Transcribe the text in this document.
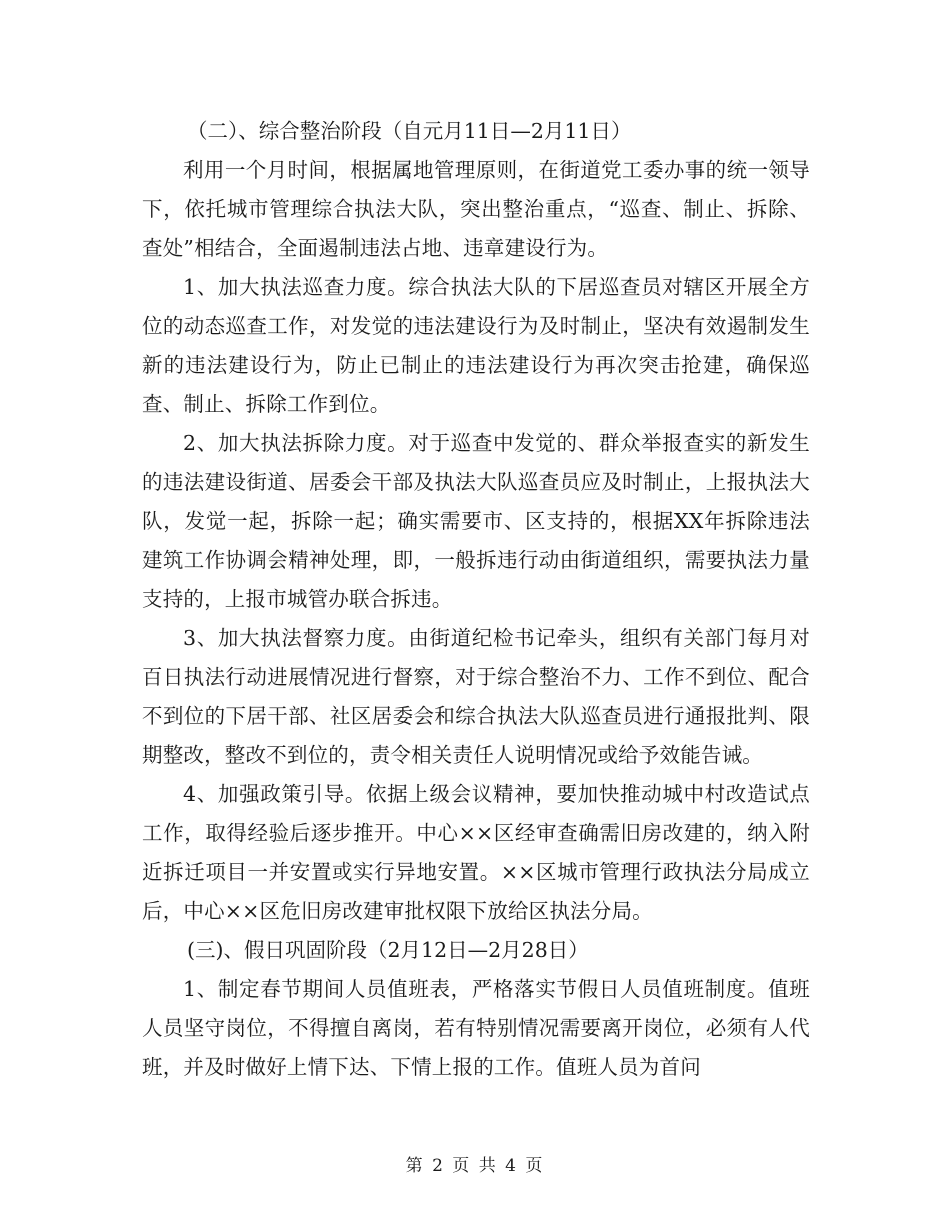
（二）、综合整治阶段（自元月11日—2月11日）

利用一个月时间，根据属地管理原则，在街道党工委办事的统一领导下，依托城市管理综合执法大队，突出整治重点，“巡查、制止、拆除、查处”相结合，全面遏制违法占地、违章建设行为。

1、加大执法巡查力度。综合执法大队的下居巡查员对辖区开展全方位的动态巡查工作，对发觉的违法建设行为及时制止，坚决有效遏制发生新的违法建设行为，防止已制止的违法建设行为再次突击抢建，确保巡查、制止、拆除工作到位。

2、加大执法拆除力度。对于巡查中发觉的、群众举报查实的新发生的违法建设街道、居委会干部及执法大队巡查员应及时制止，上报执法大队，发觉一起，拆除一起；确实需要市、区支持的，根据XX年拆除违法建筑工作协调会精神处理，即，一般拆违行动由街道组织，需要执法力量支持的，上报市城管办联合拆违。

3、加大执法督察力度。由街道纪检书记牵头，组织有关部门每月对百日执法行动进展情况进行督察，对于综合整治不力、工作不到位、配合不到位的下居干部、社区居委会和综合执法大队巡查员进行通报批判、限期整改，整改不到位的，责令相关责任人说明情况或给予效能告诫。

4、加强政策引导。依据上级会议精神，要加快推动城中村改造试点工作，取得经验后逐步推开。中心××区经审查确需旧房改建的，纳入附近拆迁项目一并安置或实行异地安置。××区城市管理行政执法分局成立后，中心××区危旧房改建审批权限下放给区执法分局。

(三)、假日巩固阶段（2月12日—2月28日）

1、制定春节期间人员值班表，严格落实节假日人员值班制度。值班人员坚守岗位，不得擅自离岗，若有特别情况需要离开岗位，必须有人代班，并及时做好上情下达、下情上报的工作。值班人员为首问

第 2 页 共 4 页
